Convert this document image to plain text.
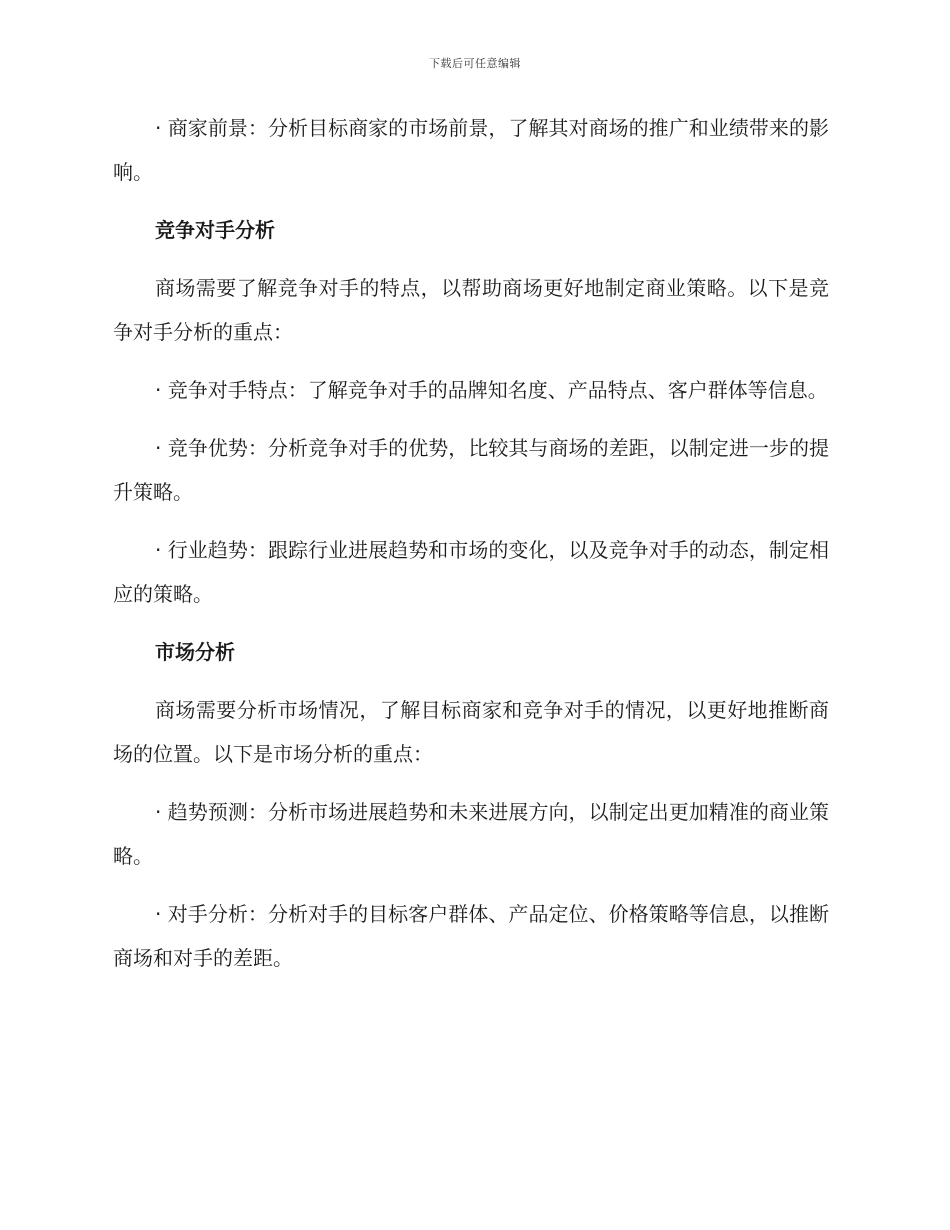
下载后可任意编辑

· 商家前景：分析目标商家的市场前景，了解其对商场的推广和业绩带来的影响。

竞争对手分析

商场需要了解竞争对手的特点，以帮助商场更好地制定商业策略。以下是竞争对手分析的重点：

· 竞争对手特点：了解竞争对手的品牌知名度、产品特点、客户群体等信息。

· 竞争优势：分析竞争对手的优势，比较其与商场的差距，以制定进一步的提升策略。

· 行业趋势：跟踪行业进展趋势和市场的变化，以及竞争对手的动态，制定相应的策略。

市场分析

商场需要分析市场情况，了解目标商家和竞争对手的情况，以更好地推断商场的位置。以下是市场分析的重点：

· 趋势预测：分析市场进展趋势和未来进展方向，以制定出更加精准的商业策略。

· 对手分析：分析对手的目标客户群体、产品定位、价格策略等信息，以推断商场和对手的差距。
